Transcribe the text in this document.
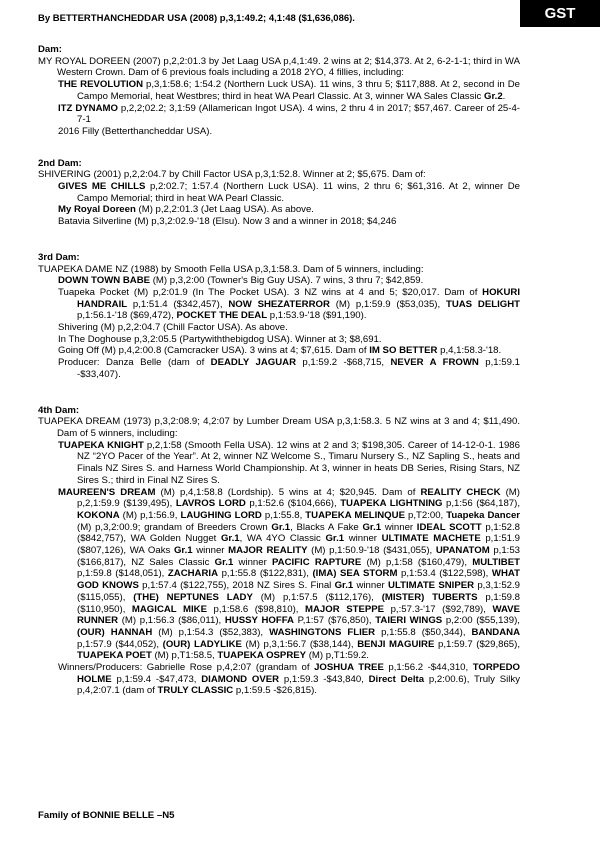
GST
By BETTERTHANCHEDDAR USA (2008) p,3,1:49.2; 4,1:48 ($1,636,086).
Dam:
MY ROYAL DOREEN (2007) p,2,2:01.3 by Jet Laag USA p,4,1:49. 2 wins at 2; $14,373. At 2, 6-2-1-1; third in WA Western Crown. Dam of 6 previous foals including a 2018 2YO, 4 fillies, including:
THE REVOLUTION p,3,1:58.6; 1:54.2 (Northern Luck USA). 11 wins, 3 thru 5; $117,888. At 2, second in De Campo Memorial, heat Westbres; third in heat WA Pearl Classic. At 3, winner WA Sales Classic Gr.2.
ITZ DYNAMO p,2,2;02.2; 3,1:59 (Allamerican Ingot USA). 4 wins, 2 thru 4 in 2017; $57,467. Career of 25-4-7-1
2016 Filly (Betterthancheddar USA).
2nd Dam:
SHIVERING (2001) p,2,2:04.7 by Chill Factor USA p,3,1:52.8. Winner at 2; $5,675. Dam of:
GIVES ME CHILLS p,2:02.7; 1:57.4 (Northern Luck USA). 11 wins, 2 thru 6; $61,316. At 2, winner De Campo Memorial; third in heat WA Pearl Classic.
My Royal Doreen (M) p,2,2:01.3 (Jet Laag USA). As above.
Batavia Silverline (M) p,3,2:02.9-'18 (Elsu). Now 3 and a winner in 2018; $4,246
3rd Dam:
TUAPEKA DAME NZ (1988) by Smooth Fella USA p,3,1:58.3. Dam of 5 winners, including:
DOWN TOWN BABE (M) p,3,2:00 (Towner's Big Guy USA). 7 wins, 3 thru 7; $42,859.
Tuapeka Pocket (M) p,2:01.9 (In The Pocket USA). 3 NZ wins at 4 and 5; $20,017. Dam of HOKURI HANDRAIL p,1:51.4 ($342,457), NOW SHEZATERROR (M) p,1:59.9 ($53,035), TUAS DELIGHT p,1:56.1-'18 ($69,472), POCKET THE DEAL p,1:53.9-'18 ($91,190).
Shivering (M) p,2,2:04.7 (Chill Factor USA). As above.
In The Doghouse p,3,2:05.5 (Partywiththebigdog USA). Winner at 3; $8,691.
Going Off (M) p,4,2:00.8 (Camcracker USA). 3 wins at 4; $7,615. Dam of IM SO BETTER p,4,1:58.3-'18.
Producer: Danza Belle (dam of DEADLY JAGUAR p,1:59.2 -$68,715, NEVER A FROWN p,1:59.1 -$33,407).
4th Dam:
TUAPEKA DREAM (1973) p,3,2:08.9; 4,2:07 by Lumber Dream USA p,3,1:58.3. 5 NZ wins at 3 and 4; $11,490. Dam of 5 winners, including:
TUAPEKA KNIGHT p,2,1:58 (Smooth Fella USA). 12 wins at 2 and 3; $198,305. Career of 14-12-0-1. 1986 NZ “2YO Pacer of the Year”. At 2, winner NZ Welcome S., Timaru Nursery S., NZ Sapling S., heats and Finals NZ Sires S. and Harness World Championship. At 3, winner in heats DB Series, Rising Stars, NZ Sires S.; third in Final NZ Sires S.
MAUREEN'S DREAM (M) p,4,1:58.8 (Lordship). 5 wins at 4; $20,945. Dam of REALITY CHECK (M) p,2,1:59.9 ($139,495), LAVROS LORD p,1:52.6 ($104,666), TUAPEKA LIGHTNING p,1:56 ($64,187), KOKONA (M) p,1:56.9, LAUGHING LORD p,1:55.8, TUAPEKA MELINQUE p,T2:00, Tuapeka Dancer (M) p,3,2:00.9; grandam of Breeders Crown Gr.1, Blacks A Fake Gr.1 winner IDEAL SCOTT p,1:52.8 ($842,757), WA Golden Nugget Gr.1, WA 4YO Classic Gr.1 winner ULTIMATE MACHETE p,1:51.9 ($807,126), WA Oaks Gr.1 winner MAJOR REALITY (M) p,1:50.9-'18 ($431,055), UPANATOM p,1:53 ($166,817), NZ Sales Classic Gr.1 winner PACIFIC RAPTURE (M) p,1:58 ($160,479), MULTIBET p,1:59.8 ($148,051), ZACHARIA p,1:55.8 ($122,831), (IMA) SEA STORM p,1:53.4 ($122,598), WHAT GOD KNOWS p,1:57.4 ($122,755), 2018 NZ Sires S. Final Gr.1 winner ULTIMATE SNIPER p,3,1:52.9 ($115,055), (THE) NEPTUNES LADY (M) p,1:57.5 ($112,176), (MISTER) TUBERTS p,1:59.8 ($110,950), MAGICAL MIKE p,1:58.6 ($98,810), MAJOR STEPPE p,:57.3-'17 ($92,789), WAVE RUNNER (M) p,1:56.3 ($86,011), HUSSY HOFFA P,1:57 ($76,850), TAIERI WINGS p,2:00 ($55,139), (OUR) HANNAH (M) p,1:54.3 ($52,383), WASHINGTONS FLIER p,1:55.8 ($50,344), BANDANA p,1:57.9 ($44,052), (OUR) LADYLIKE (M) p,3,1:56.7 ($38,144), BENJI MAGUIRE p,1:59.7 ($29,865), TUAPEKA POET (M) p,T1:58.5, TUAPEKA OSPREY (M) p,T1:59.2.
Winners/Producers: Gabrielle Rose p,4,2:07 (grandam of JOSHUA TREE p,1:56.2 -$44,310, TORPEDO HOLME p,1:59.4 -$47,473, DIAMOND OVER p,1:59.3 -$43,840, Direct Delta p,2:00.6), Truly Silky p,4,2:07.1 (dam of TRULY CLASSIC p,1:59.5 -$26,815).
Family of BONNIE BELLE –N5
